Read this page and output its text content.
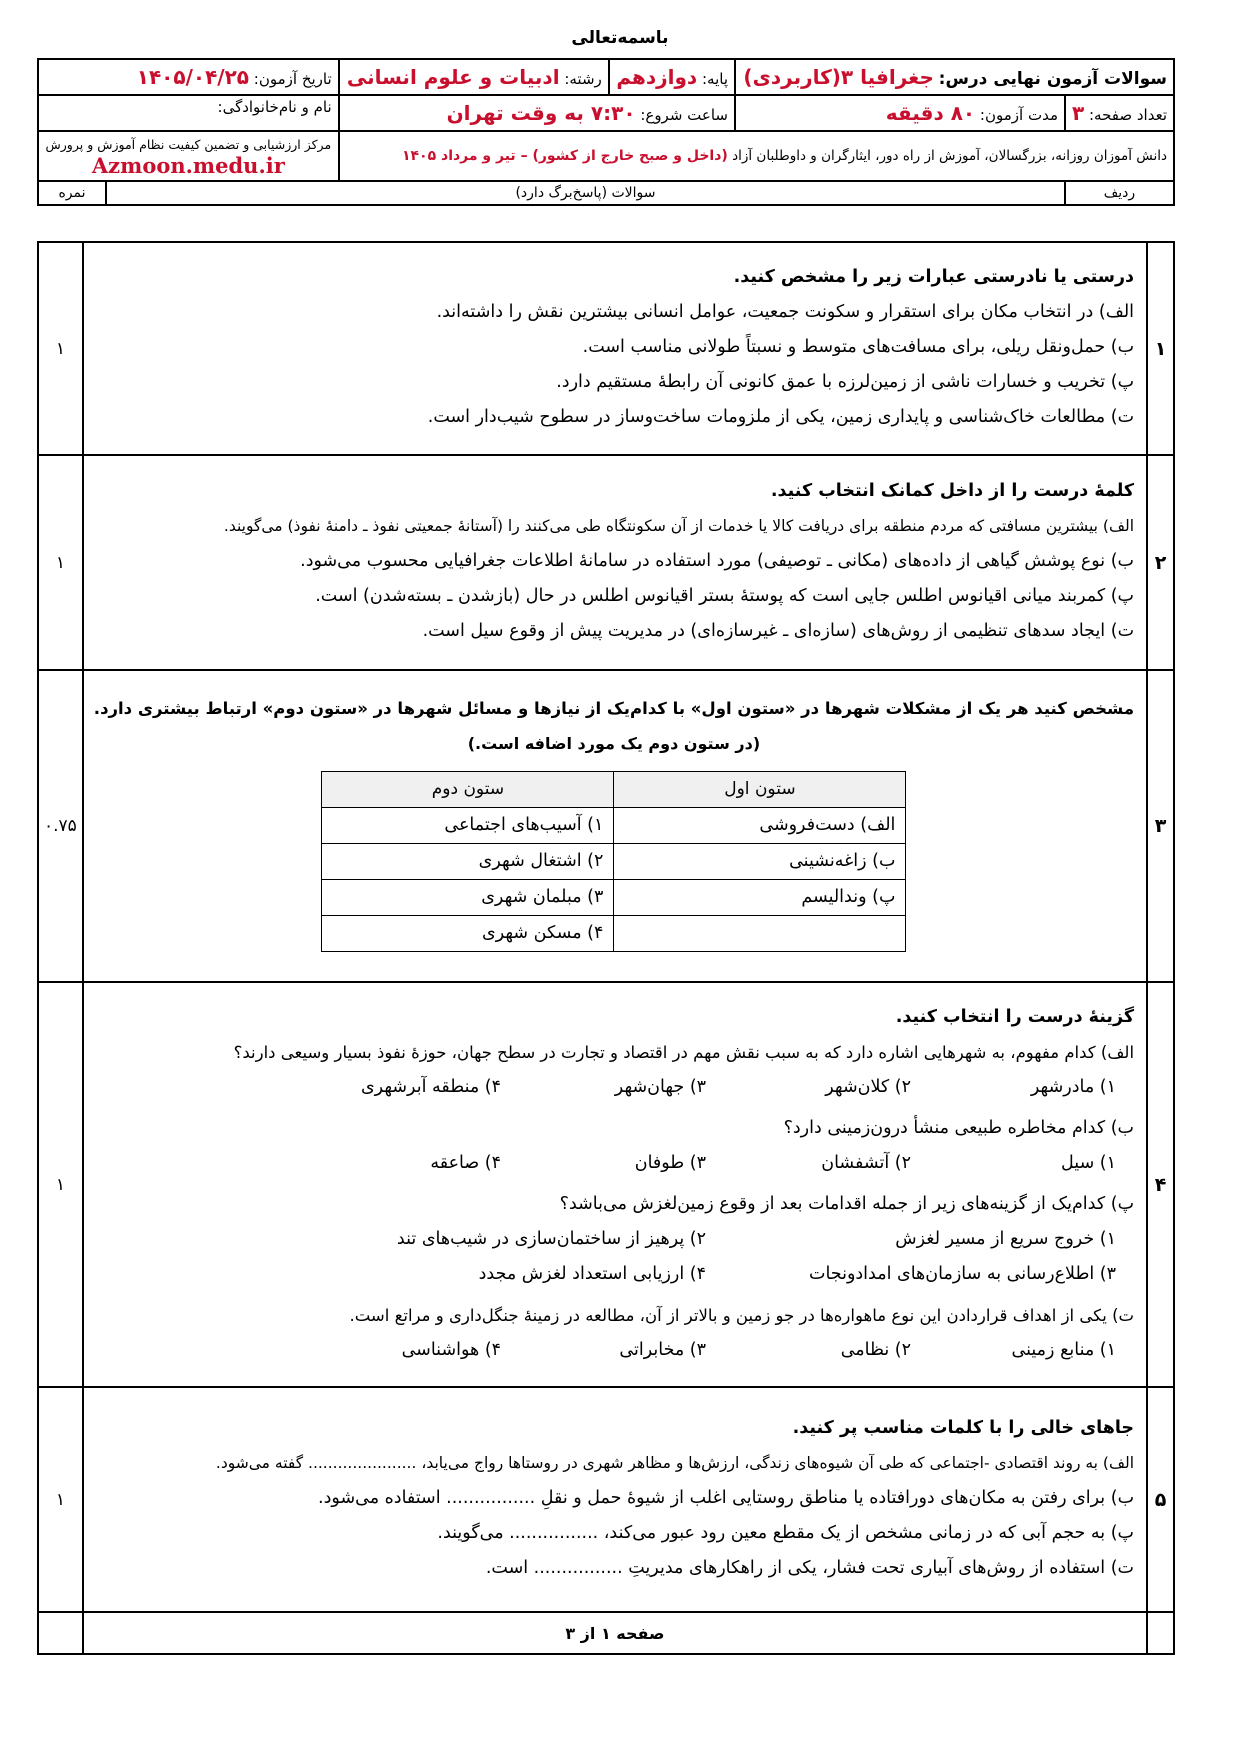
باسمه‌تعالی
سوالات آزمون نهایی درس: جغرافیا ۳(کاربردی)		پایه: دوازدهم	رشته: ادبیات و علوم انسانی	تاریخ آزمون: ۱۴۰۵/۰۴/۲۵	
تعداد صفحه: ۳	مدت آزمون: ۸۰ دقیقه	ساعت شروع: ۷:۳۰ به وقت تهران		نام و نام‌خانوادگی:	
دانش آموزان روزانه، بزرگسالان، آموزش از راه دور، ایثارگران و داوطلبان آزاد (داخل و صبح خارج از کشور) – تیر و مرداد ۱۴۰۵				مرکز ارزشیابی و تضمین کیفیت نظام آموزش و پرورش
Azmoon.medu.ir	

ردیف	سوالات (پاسخ‌برگ دارد)				نمره
۱	
درستی یا نادرستی عبارات زیر را مشخص کنید.
الف) در انتخاب مکان برای استقرار و سکونت جمعیت، عوامل انسانی بیشترین نقش را داشته‌اند.
ب) حمل‌ونقل ریلی، برای مسافت‌های متوسط و نسبتاً طولانی مناسب است.
پ) تخریب و خسارات ناشی از زمین‌لرزه با عمق کانونی آن رابطهٔ مستقیم دارد.
ت) مطالعات خاک‌شناسی و پایداری زمین، یکی از ملزومات ساخت‌وساز در سطوح شیب‌دار است.
	۱
۲	
کلمهٔ درست را از داخل کمانک انتخاب کنید.
الف) بیشترین مسافتی که مردم منطقه برای دریافت کالا یا خدمات از آن سکونتگاه طی می‌کنند را (آستانهٔ جمعیتی نفوذ ـ دامنهٔ نفوذ) می‌گویند.
ب) نوع پوشش گیاهی از داده‌های (مکانی ـ توصیفی) مورد استفاده در سامانهٔ اطلاعات جغرافیایی محسوب می‌شود.
پ) کمربند میانی اقیانوس اطلس جایی است که پوستهٔ بستر اقیانوس اطلس در حال (بازشدن ـ بسته‌شدن) است.
ت) ایجاد سدهای تنظیمی از روش‌های (سازه‌ای ـ غیرسازه‌ای) در مدیریت پیش از وقوع سیل است.
	۱
۳	
مشخص کنید هر یک از مشکلات شهرها در «ستون اول» با کدام‌یک از نیازها و مسائل شهرها در «ستون دوم» ارتباط بیشتری دارد.
(در ستون دوم یک مورد اضافه است.)
ستون اول	ستون دوم
الف) دست‌فروشی	۱) آسیب‌های اجتماعی
ب) زاغه‌نشینی	۲) اشتغال شهری
پ) وندالیسم	۳) مبلمان شهری
	۴) مسکن شهری
	۰.۷۵
۴	
گزینهٔ درست را انتخاب کنید.
الف) کدام مفهوم، به شهرهایی اشاره دارد که به سبب نقش مهم در اقتصاد و تجارت در سطح جهان، حوزهٔ نفوذ بسیار وسیعی دارند؟
۱) مادرشهر
۲) کلان‌شهر
۳) جهان‌شهر
۴) منطقه آبرشهری
ب) کدام مخاطره طبیعی منشأ درون‌زمینی دارد؟
۱) سیل
۲) آتشفشان
۳) طوفان
۴) صاعقه
پ) کدام‌یک از گزینه‌های زیر از جمله اقدامات بعد از وقوع زمین‌لغزش می‌باشد؟
۱) خروج سریع از مسیر لغزش
۲) پرهیز از ساختمان‌سازی در شیب‌های تند
۳) اطلاع‌رسانی به سازمان‌های امدادونجات
۴) ارزیابی استعداد لغزش مجدد
ت) یکی از اهداف قراردادن این نوع ماهواره‌ها در جو زمین و بالاتر از آن، مطالعه در زمینهٔ جنگل‌داری و مراتع است.
۱) منابع زمینی
۲) نظامی
۳) مخابراتی
۴) هواشناسی
	۱
۵	
جاهای خالی را با کلمات مناسب پر کنید.
الف) به روند اقتصادی -اجتماعی که طی آن شیوه‌های زندگی، ارزش‌ها و مظاهر شهری در روستاها رواج می‌یابد، ...................... گفته می‌شود.
ب) برای رفتن به مکان‌های دورافتاده یا مناطق روستایی اغلب از شیوهٔ حمل و نقلِ ................ استفاده می‌شود.
پ) به حجم آبی که در زمانی مشخص از یک مقطع معین رود عبور می‌کند، ................ می‌گویند.
ت) استفاده از روش‌های آبیاری تحت فشار، یکی از راهکارهای مدیریتِ ................ است.
	۱
	صفحه ۱ از ۳	
